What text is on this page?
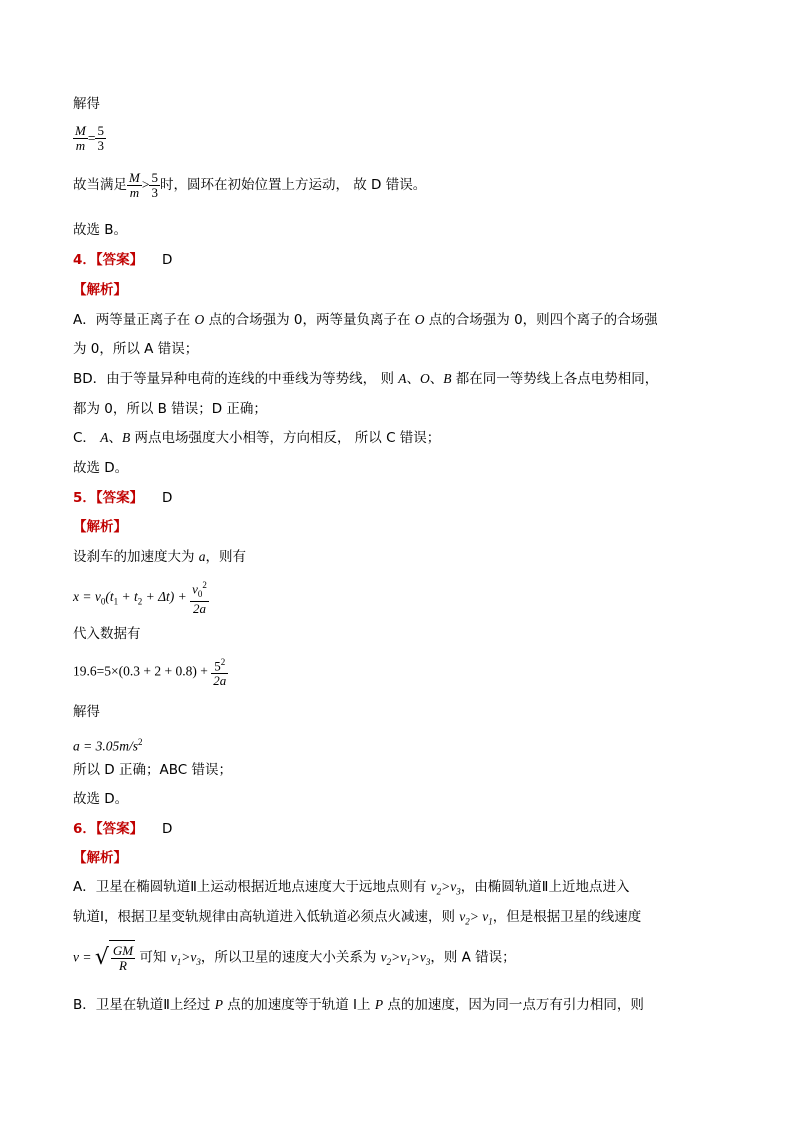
解得
$\frac{M}{m} = \frac{5}{3}$
故当满足 $\frac{M}{m} > \frac{5}{3}$ 时，圆环在初始位置上方运动， 故 D 错误。
故选 B。
4．【答案】 D
【解析】
A．两等量正离子在 O 点的合场强为 0，两等量负离子在 O 点的合场强为 0，则四个离子的合场强
为 0，所以 A 错误；
BD．由于等量异种电荷的连线的中垂线为等势线， 则 A、O、B 都在同一等势线上各点电势相同，
都为 0，所以 B 错误；D 正确；
C． A、B 两点电场强度大小相等，方向相反， 所以 C 错误；
故选 D。
5．【答案】 D
【解析】
设刹车的加速度大为 a，则有
$x = v_0(t_1 + t_2 + \Delta t) + \frac{v_0^2}{2a}$
代入数据有
$19.6=5\times(0.3 + 2 + 0.8) + \frac{5^2}{2a}$
解得
$a = 3.05m/s^2$
所以 D 正确；ABC 错误；
故选 D。
6．【答案】 D
【解析】
A．卫星在椭圆轨道Ⅱ上运动根据近地点速度大于远地点则有 $v_2>v_3$，由椭圆轨道Ⅱ上近地点进入
轨道Ⅰ，根据卫星变轨规律由高轨道进入低轨道必须点火减速，则 $v_2> v_1$，但是根据卫星的线速度
v = √ $\frac{GM}{R}$ 可知 $v_1>v_3$，所以卫星的速度大小关系为 $v_2>v_1>v_3$，则 A 错误；
B．卫星在轨道Ⅱ上经过 P 点的加速度等于轨道 Ⅰ上 P 点的加速度，因为同一点万有引力相同，则
